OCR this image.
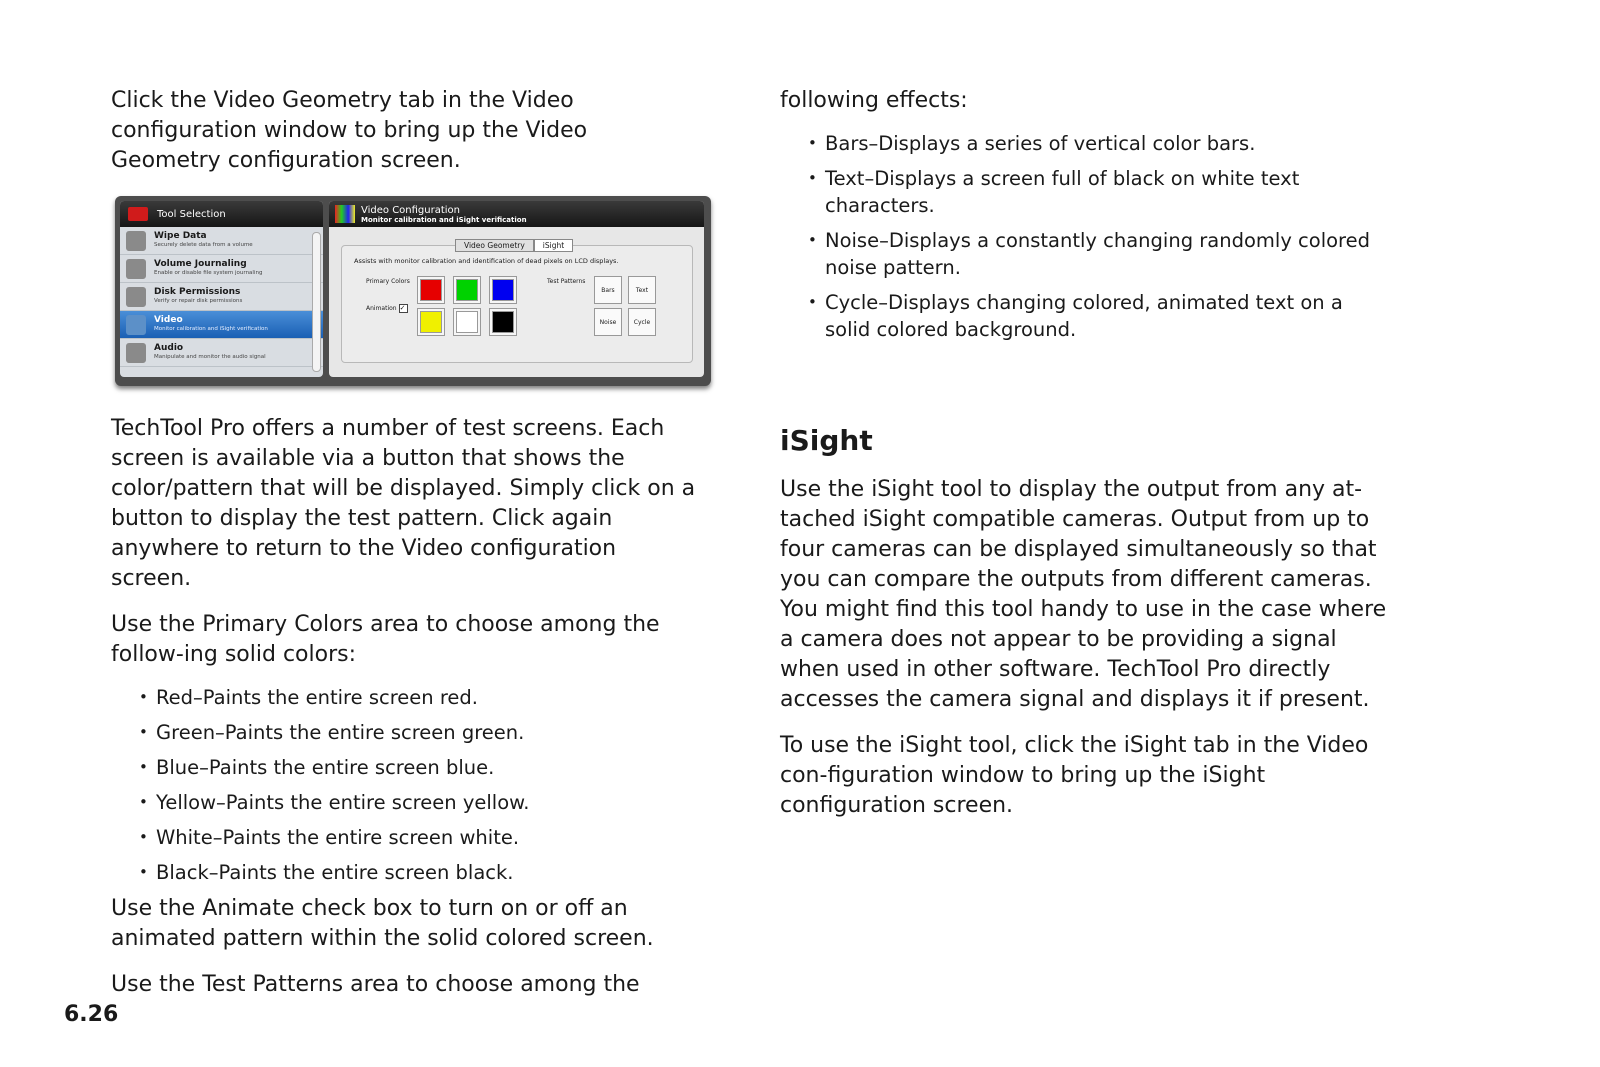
Click the Video Geometry tab in the Video configuration window to bring up the Video Geometry configuration screen.

TechTool Pro offers a number of test screens. Each screen is available via a button that shows the color/pattern that will be displayed. Simply click on a button to display the test pattern. Click again anywhere to return to the Video configuration screen.

Use the Primary Colors area to choose among the follow-ing solid colors:

• Red–Paints the entire screen red.
• Green–Paints the entire screen green.
• Blue–Paints the entire screen blue.
• Yellow–Paints the entire screen yellow.
• White–Paints the entire screen white.
• Black–Paints the entire screen black.

Use the Animate check box to turn on or off an animated pattern within the solid colored screen.

Use the Test Patterns area to choose among the

Tool Selection
Wipe Data
Securely delete data from a volume
Volume Journaling
Enable or disable file system journaling
Disk Permissions
Verify or repair disk permissions
Video
Monitor calibration and iSight verification
Audio
Manipulate and monitor the audio signal
Video Configuration
Monitor calibration and iSight verification
Assists with monitor calibration and identification of dead pixels on LCD displays.
Primary Colors
Animation ✓
Test Patterns
Bars	Text
Noise	Cycle
Video Geometry	iSight

following effects:

• Bars–Displays a series of vertical color bars.
• Text–Displays a screen full of black on white text characters.
• Noise–Displays a constantly changing randomly colored noise pattern.
• Cycle–Displays changing colored, animated text on a solid colored background.
iSight

Use the iSight tool to display the output from any at-tached iSight compatible cameras. Output from up to four cameras can be displayed simultaneously so that you can compare the outputs from different cameras. You might find this tool handy to use in the case where a camera does not appear to be providing a signal when used in other software. TechTool Pro directly accesses the camera signal and displays it if present.

To use the iSight tool, click the iSight tab in the Video con-figuration window to bring up the iSight configuration screen.

6.26
